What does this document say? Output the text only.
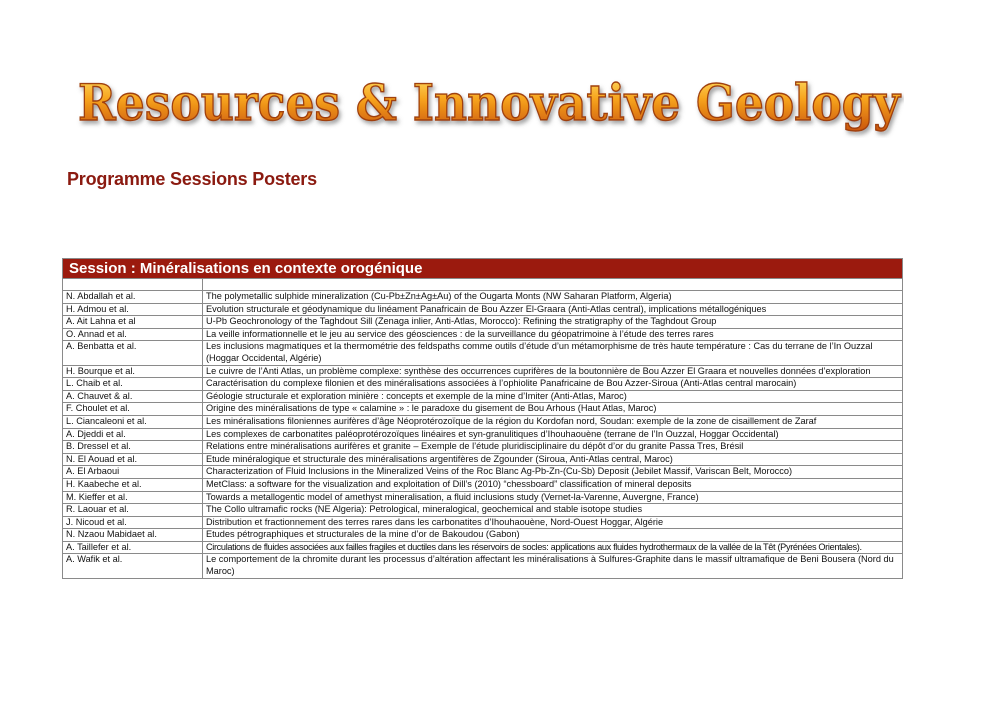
Resources & Innovative Geology
Programme Sessions Posters
Session : Minéralisations en contexte orogénique
N. Abdallah et al.	The polymetallic sulphide mineralization (Cu-Pb±Zn±Ag±Au) of the Ougarta Monts (NW Saharan Platform, Algeria)
H. Admou et al.	Evolution structurale et géodynamique du linéament Panafricain de Bou Azzer El-Graara (Anti-Atlas central), implications métallogéniques
A. Ait Lahna et al	U-Pb Geochronology of the Taghdout Sill (Zenaga inlier, Anti-Atlas, Morocco): Refining the stratigraphy of the Taghdout Group
O. Annad et al.	La veille informationnelle et le jeu au service des géosciences : de la surveillance du géopatrimoine à l’étude des terres rares
A. Benbatta et al.	Les inclusions magmatiques et la thermométrie des feldspaths comme outils d’étude d’un métamorphisme de très haute température : Cas du terrane de l’In Ouzzal (Hoggar Occidental, Algérie)
H. Bourque et al.	Le cuivre de l’Anti Atlas, un problème complexe: synthèse des occurrences cuprifères de la boutonnière de Bou Azzer El Graara et nouvelles données d’exploration
L. Chaib et al.	Caractérisation du complexe filonien et des minéralisations associées à l’ophiolite Panafricaine de Bou Azzer-Siroua (Anti-Atlas central marocain)
A. Chauvet & al.	Géologie structurale et exploration minière : concepts et exemple de la mine d’Imiter (Anti-Atlas, Maroc)
F. Choulet et al.	Origine des minéralisations de type « calamine » : le paradoxe du gisement de Bou Arhous (Haut Atlas, Maroc)
L. Ciancaleoni et al.	Les minéralisations filoniennes aurifères d’âge Néoprotérozoïque de la région du Kordofan nord, Soudan: exemple de la zone de cisaillement de Zaraf
A. Djeddi et al.	Les complexes de carbonatites paléoprotérozoïques linéaires et syn-granulitiques d’Ihouhaouène (terrane de l’In Ouzzal, Hoggar Occidental)
B. Dressel et al.	Relations entre minéralisations aurifères et granite – Exemple de l’étude pluridisciplinaire du dépôt d’or du granite Passa Tres, Brésil
N. El Aouad et al.	Etude minéralogique et structurale des minéralisations argentifères de Zgounder (Siroua, Anti-Atlas central, Maroc)
A. El Arbaoui	Characterization of Fluid Inclusions in the Mineralized Veins of the Roc Blanc Ag-Pb-Zn-(Cu-Sb) Deposit (Jebilet Massif, Variscan Belt, Morocco)
H. Kaabeche et al.	MetClass: a software for the visualization and exploitation of Dill’s (2010) “chessboard” classification of mineral deposits
M. Kieffer et al.	Towards a metallogentic model of amethyst mineralisation, a fluid inclusions study (Vernet-la-Varenne, Auvergne, France)
R. Laouar et al.	The Collo ultramafic rocks (NE Algeria): Petrological, mineralogical, geochemical and stable isotope studies
J. Nicoud et al.	Distribution et fractionnement des terres rares dans les carbonatites d’Ihouhaouène, Nord-Ouest Hoggar, Algérie
N. Nzaou Mabidaet al.	Etudes pétrographiques et structurales de la mine d’or de Bakoudou (Gabon)
A. Taillefer et al.	Circulations de fluides associées aux failles fragiles et ductiles dans les réservoirs de socles: applications aux fluides hydrothermaux de la vallée de la Têt (Pyrénées Orientales).
A. Wafik et al.	Le comportement de la chromite durant les processus d’altération affectant les minéralisations à Sulfures-Graphite dans le massif ultramafique de Beni Bousera (Nord du Maroc)
